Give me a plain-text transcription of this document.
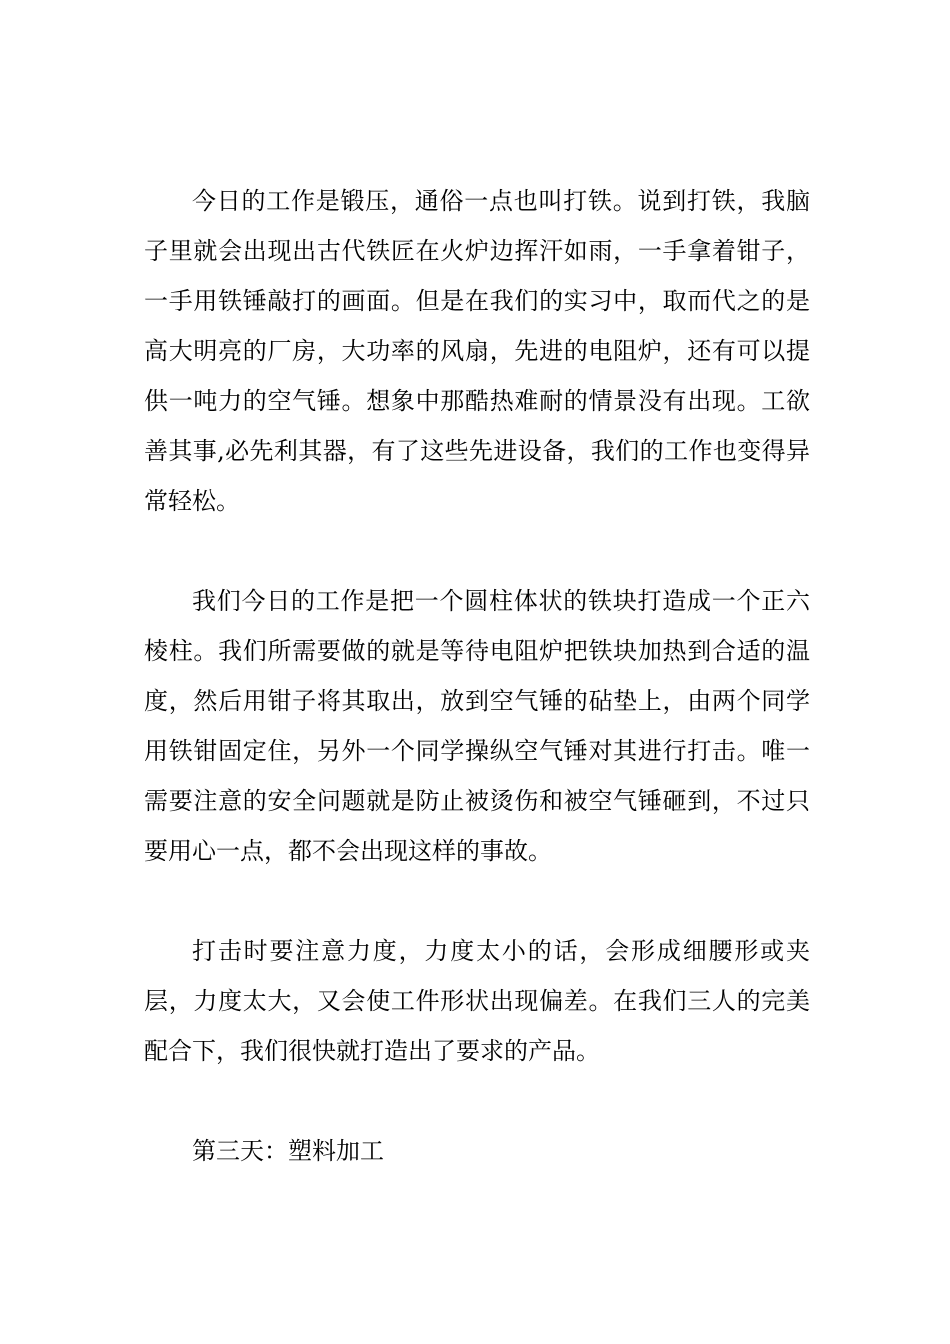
今日的工作是锻压，通俗一点也叫打铁。说到打铁，我脑子里就会出现出古代铁匠在火炉边挥汗如雨，一手拿着钳子，一手用铁锤敲打的画面。但是在我们的实习中，取而代之的是高大明亮的厂房，大功率的风扇，先进的电阻炉，还有可以提供一吨力的空气锤。想象中那酷热难耐的情景没有出现。工欲善其事,必先利其器，有了这些先进设备，我们的工作也变得异常轻松。

我们今日的工作是把一个圆柱体状的铁块打造成一个正六棱柱。我们所需要做的就是等待电阻炉把铁块加热到合适的温度，然后用钳子将其取出，放到空气锤的砧垫上，由两个同学用铁钳固定住，另外一个同学操纵空气锤对其进行打击。唯一需要注意的安全问题就是防止被烫伤和被空气锤砸到，不过只要用心一点，都不会出现这样的事故。

打击时要注意力度，力度太小的话，会形成细腰形或夹层，力度太大，又会使工件形状出现偏差。在我们三人的完美配合下，我们很快就打造出了要求的产品。

第三天：塑料加工
